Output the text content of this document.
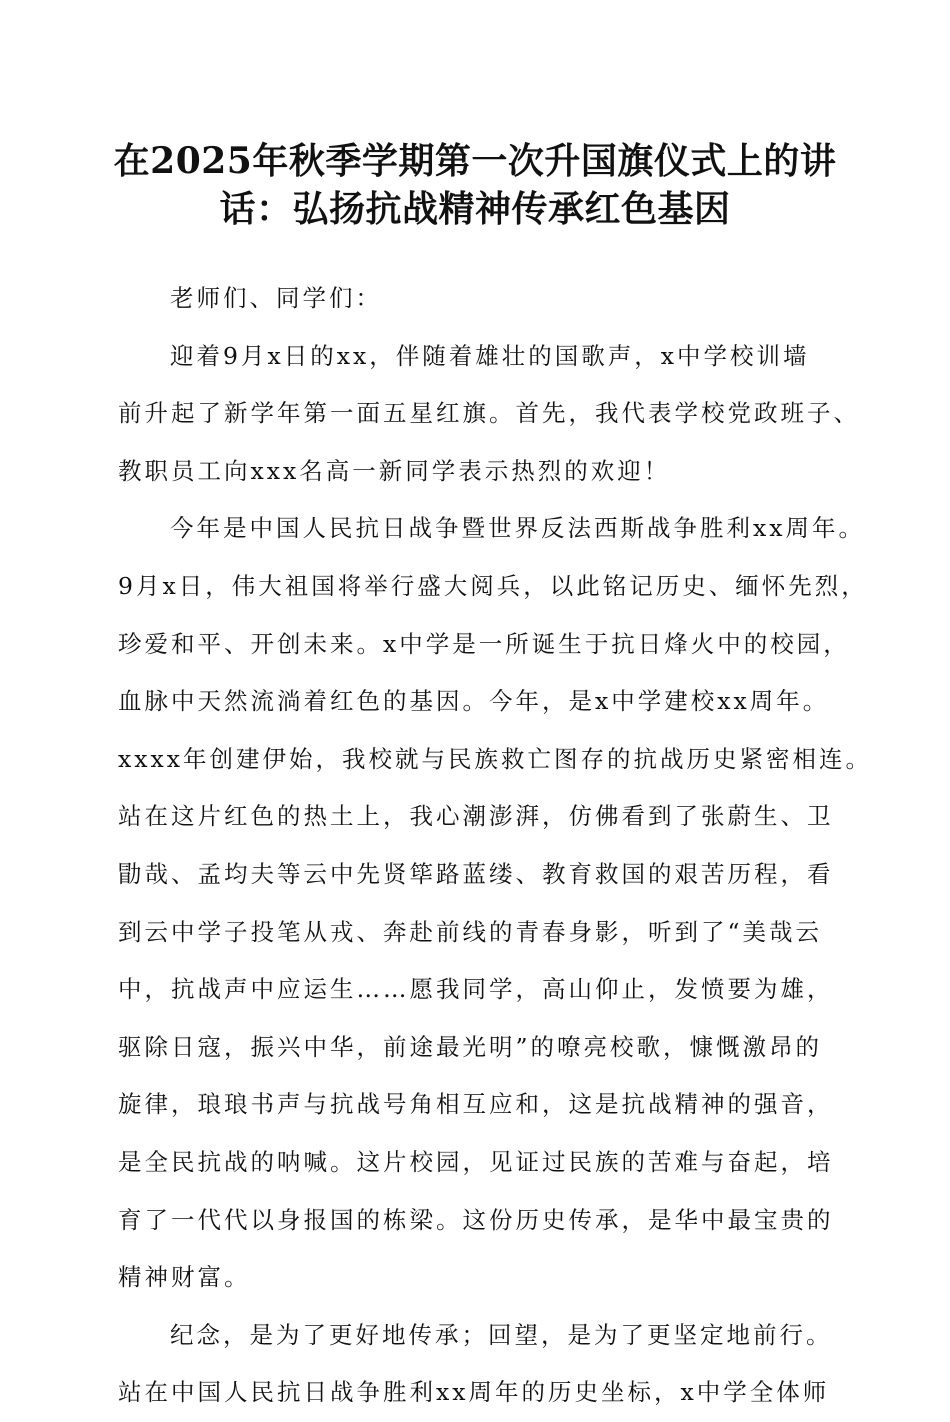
在2025年秋季学期第一次升国旗仪式上的讲
话：弘扬抗战精神传承红色基因
老师们、同学们：
迎着9月x日的xx，伴随着雄壮的国歌声，x中学校训墙
前升起了新学年第一面五星红旗。首先，我代表学校党政班子、
教职员工向xxx名高一新同学表示热烈的欢迎！
今年是中国人民抗日战争暨世界反法西斯战争胜利xx周年。
9月x日，伟大祖国将举行盛大阅兵，以此铭记历史、缅怀先烈，
珍爱和平、开创未来。x中学是一所诞生于抗日烽火中的校园，
血脉中天然流淌着红色的基因。今年，是x中学建校xx周年。
xxxx年创建伊始，我校就与民族救亡图存的抗战历史紧密相连。
站在这片红色的热土上，我心潮澎湃，仿佛看到了张蔚生、卫
勖哉、孟均夫等云中先贤筚路蓝缕、教育救国的艰苦历程，看
到云中学子投笔从戎、奔赴前线的青春身影，听到了“美哉云
中，抗战声中应运生……愿我同学，高山仰止，发愤要为雄，
驱除日寇，振兴中华，前途最光明”的嘹亮校歌，慷慨激昂的
旋律，琅琅书声与抗战号角相互应和，这是抗战精神的强音，
是全民抗战的呐喊。这片校园，见证过民族的苦难与奋起，培
育了一代代以身报国的栋梁。这份历史传承，是华中最宝贵的
精神财富。
纪念，是为了更好地传承；回望，是为了更坚定地前行。
站在中国人民抗日战争胜利xx周年的历史坐标，x中学全体师
